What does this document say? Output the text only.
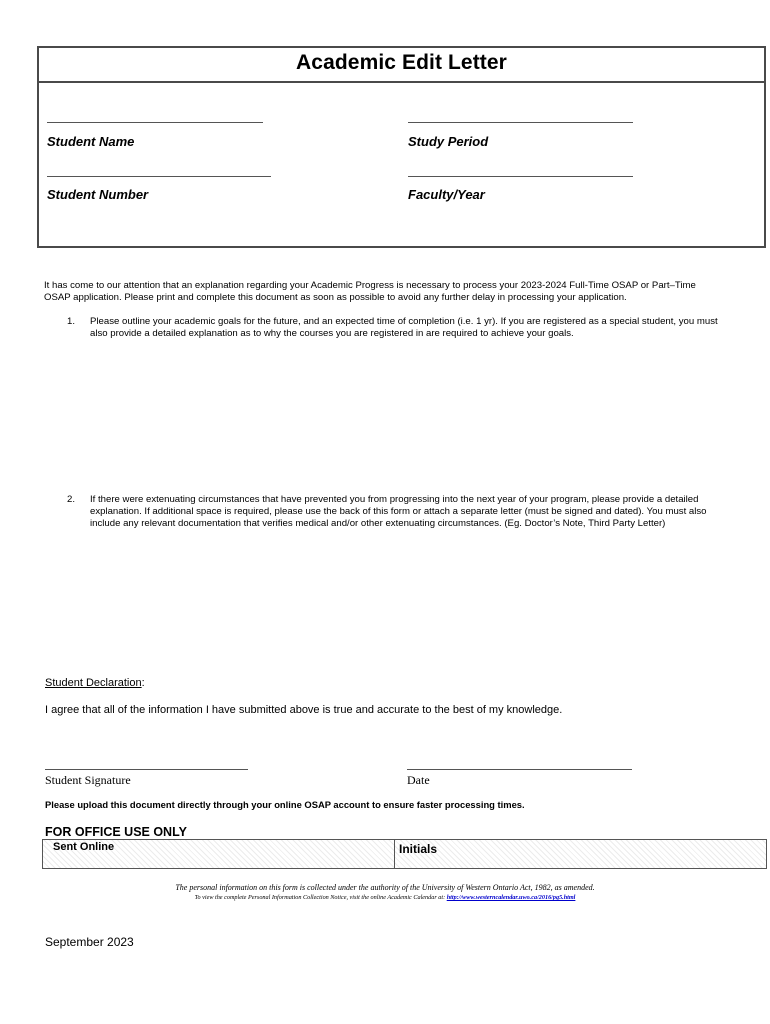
Academic Edit Letter
Student Name	Study Period
Student Number	Faculty/Year
It has come to our attention that an explanation regarding your Academic Progress is necessary to process your 2023-2024 Full-Time OSAP or Part–Time OSAP application. Please print and complete this document as soon as possible to avoid any further delay in processing your application.
1. Please outline your academic goals for the future, and an expected time of completion (i.e. 1 yr). If you are registered as a special student, you must also provide a detailed explanation as to why the courses you are registered in are required to achieve your goals.
2. If there were extenuating circumstances that have prevented you from progressing into the next year of your program, please provide a detailed explanation. If additional space is required, please use the back of this form or attach a separate letter (must be signed and dated). You must also include any relevant documentation that verifies medical and/or other extenuating circumstances. (Eg. Doctor’s Note, Third Party Letter)
Student Declaration:
I agree that all of the information I have submitted above is true and accurate to the best of my knowledge.
Student Signature	Date
Please upload this document directly through your online OSAP account to ensure faster processing times.
FOR OFFICE USE ONLY
Sent Online	Initials
The personal information on this form is collected under the authority of the University of Western Ontario Act, 1982, as amended.
To view the complete Personal Information Collection Notice, visit the online Academic Calendar at: http://www.westerncalendar.uwo.ca/2016/pg5.html
September 2023
